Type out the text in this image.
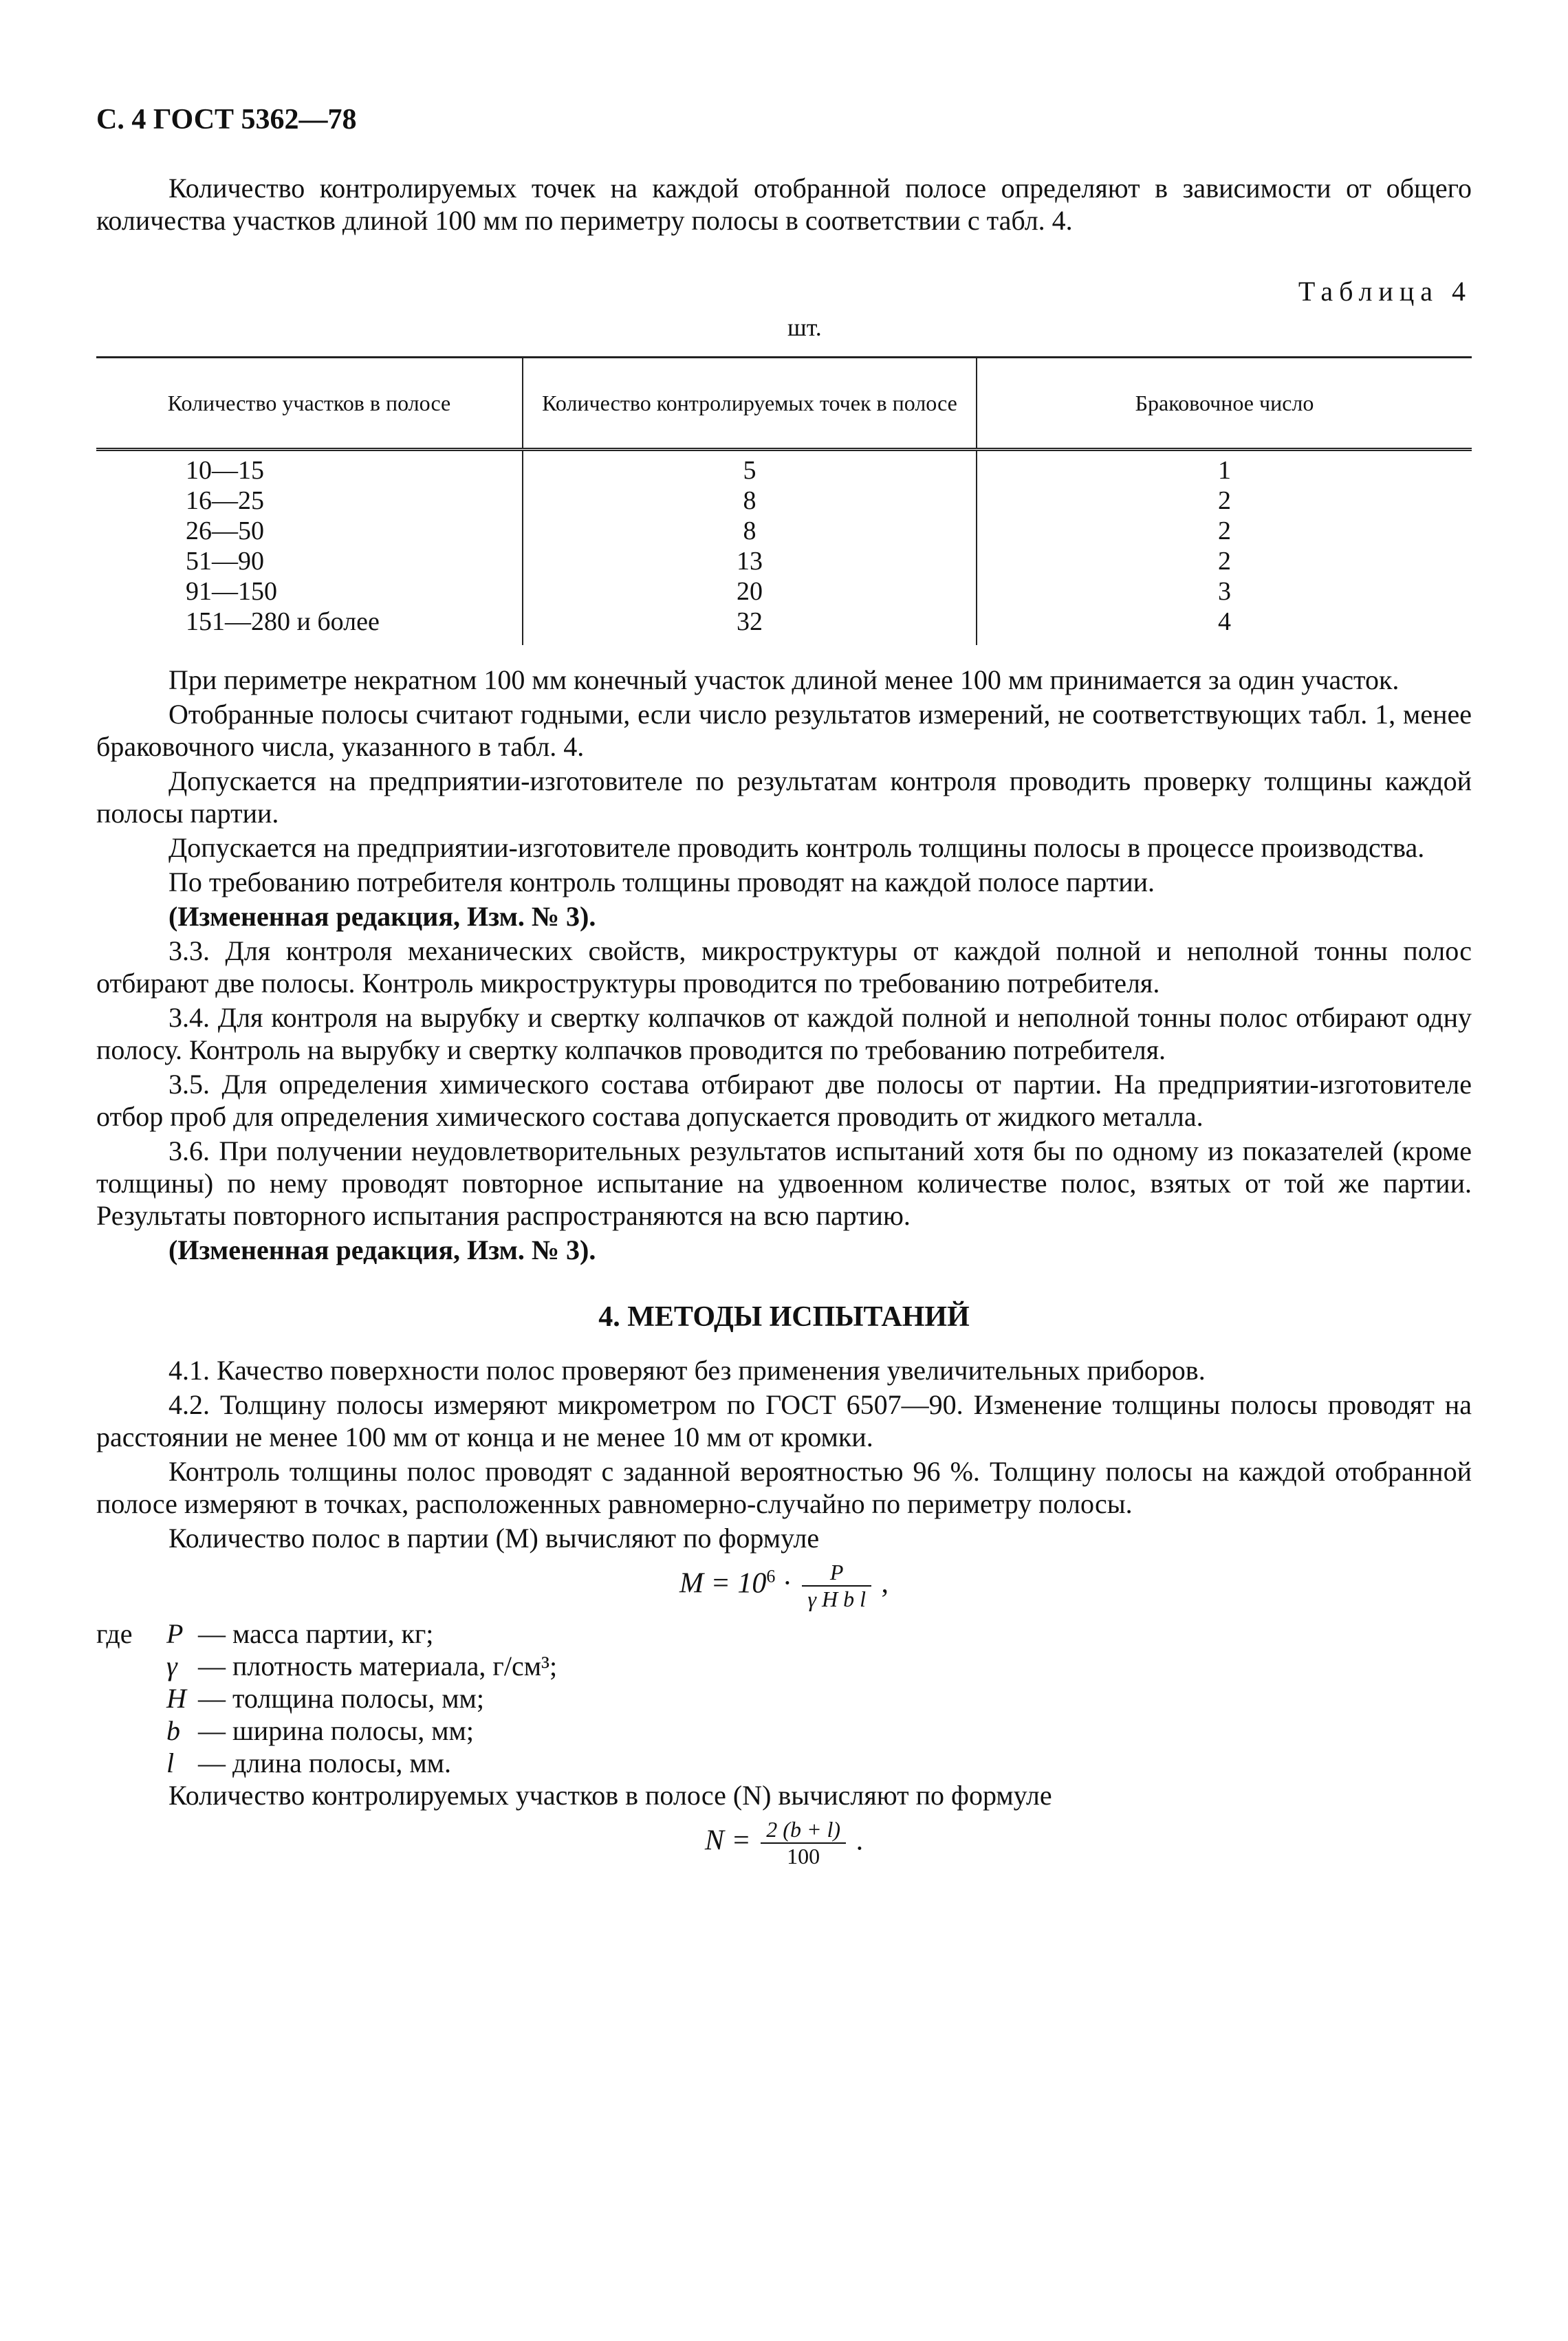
С. 4 ГОСТ 5362—78

Количество контролируемых точек на каждой отобранной полосе определяют в зависимости от общего количества участков длиной 100 мм по периметру полосы в соответствии с табл. 4.

Таблица 4
шт.
Количество участков в полосе	Количество контролируемых точек в полосе	Браковочное число
10—15	5	1
16—25	8	2
26—50	8	2
51—90	13	2
91—150	20	3
151—280 и более	32	4

При периметре некратном 100 мм конечный участок длиной менее 100 мм принимается за один участок.

Отобранные полосы считают годными, если число результатов измерений, не соответствующих табл. 1, менее браковочного числа, указанного в табл. 4.

Допускается на предприятии-изготовителе по результатам контроля проводить проверку толщины каждой полосы партии.

Допускается на предприятии-изготовителе проводить контроль толщины полосы в процессе производства.

По требованию потребителя контроль толщины проводят на каждой полосе партии.

(Измененная редакция, Изм. № 3).

3.3. Для контроля механических свойств, микроструктуры от каждой полной и неполной тонны полос отбирают две полосы. Контроль микроструктуры проводится по требованию потребителя.

3.4. Для контроля на вырубку и свертку колпачков от каждой полной и неполной тонны полос отбирают одну полосу. Контроль на вырубку и свертку колпачков проводится по требованию потребителя.

3.5. Для определения химического состава отбирают две полосы от партии. На предприятии-изготовителе отбор проб для определения химического состава допускается проводить от жидкого металла.

3.6. При получении неудовлетворительных результатов испытаний хотя бы по одному из показателей (кроме толщины) по нему проводят повторное испытание на удвоенном количестве полос, взятых от той же партии. Результаты повторного испытания распространяются на всю партию.

(Измененная редакция, Изм. № 3).

4. МЕТОДЫ ИСПЫТАНИЙ

4.1. Качество поверхности полос проверяют без применения увеличительных приборов.

4.2. Толщину полосы измеряют микрометром по ГОСТ 6507—90. Изменение толщины полосы проводят на расстоянии не менее 100 мм от конца и не менее 10 мм от кромки.

Контроль толщины полос проводят с заданной вероятностью 96 %. Толщину полосы на каждой отобранной полосе измеряют в точках, расположенных равномерно-случайно по периметру полосы.

Количество полос в партии (M) вычисляют по формуле

$M = 10^6 \cdot \frac{P}{\text{γ H b l}}$ ,
где	P — масса партии, кг;
γ — плотность материала, г/см³;
H — толщина полосы, мм;
b — ширина полосы, мм;
l — длина полосы, мм.

Количество контролируемых участков в полосе (N) вычисляют по формуле

$N = \frac{2 (b + l)}{100}$ .
